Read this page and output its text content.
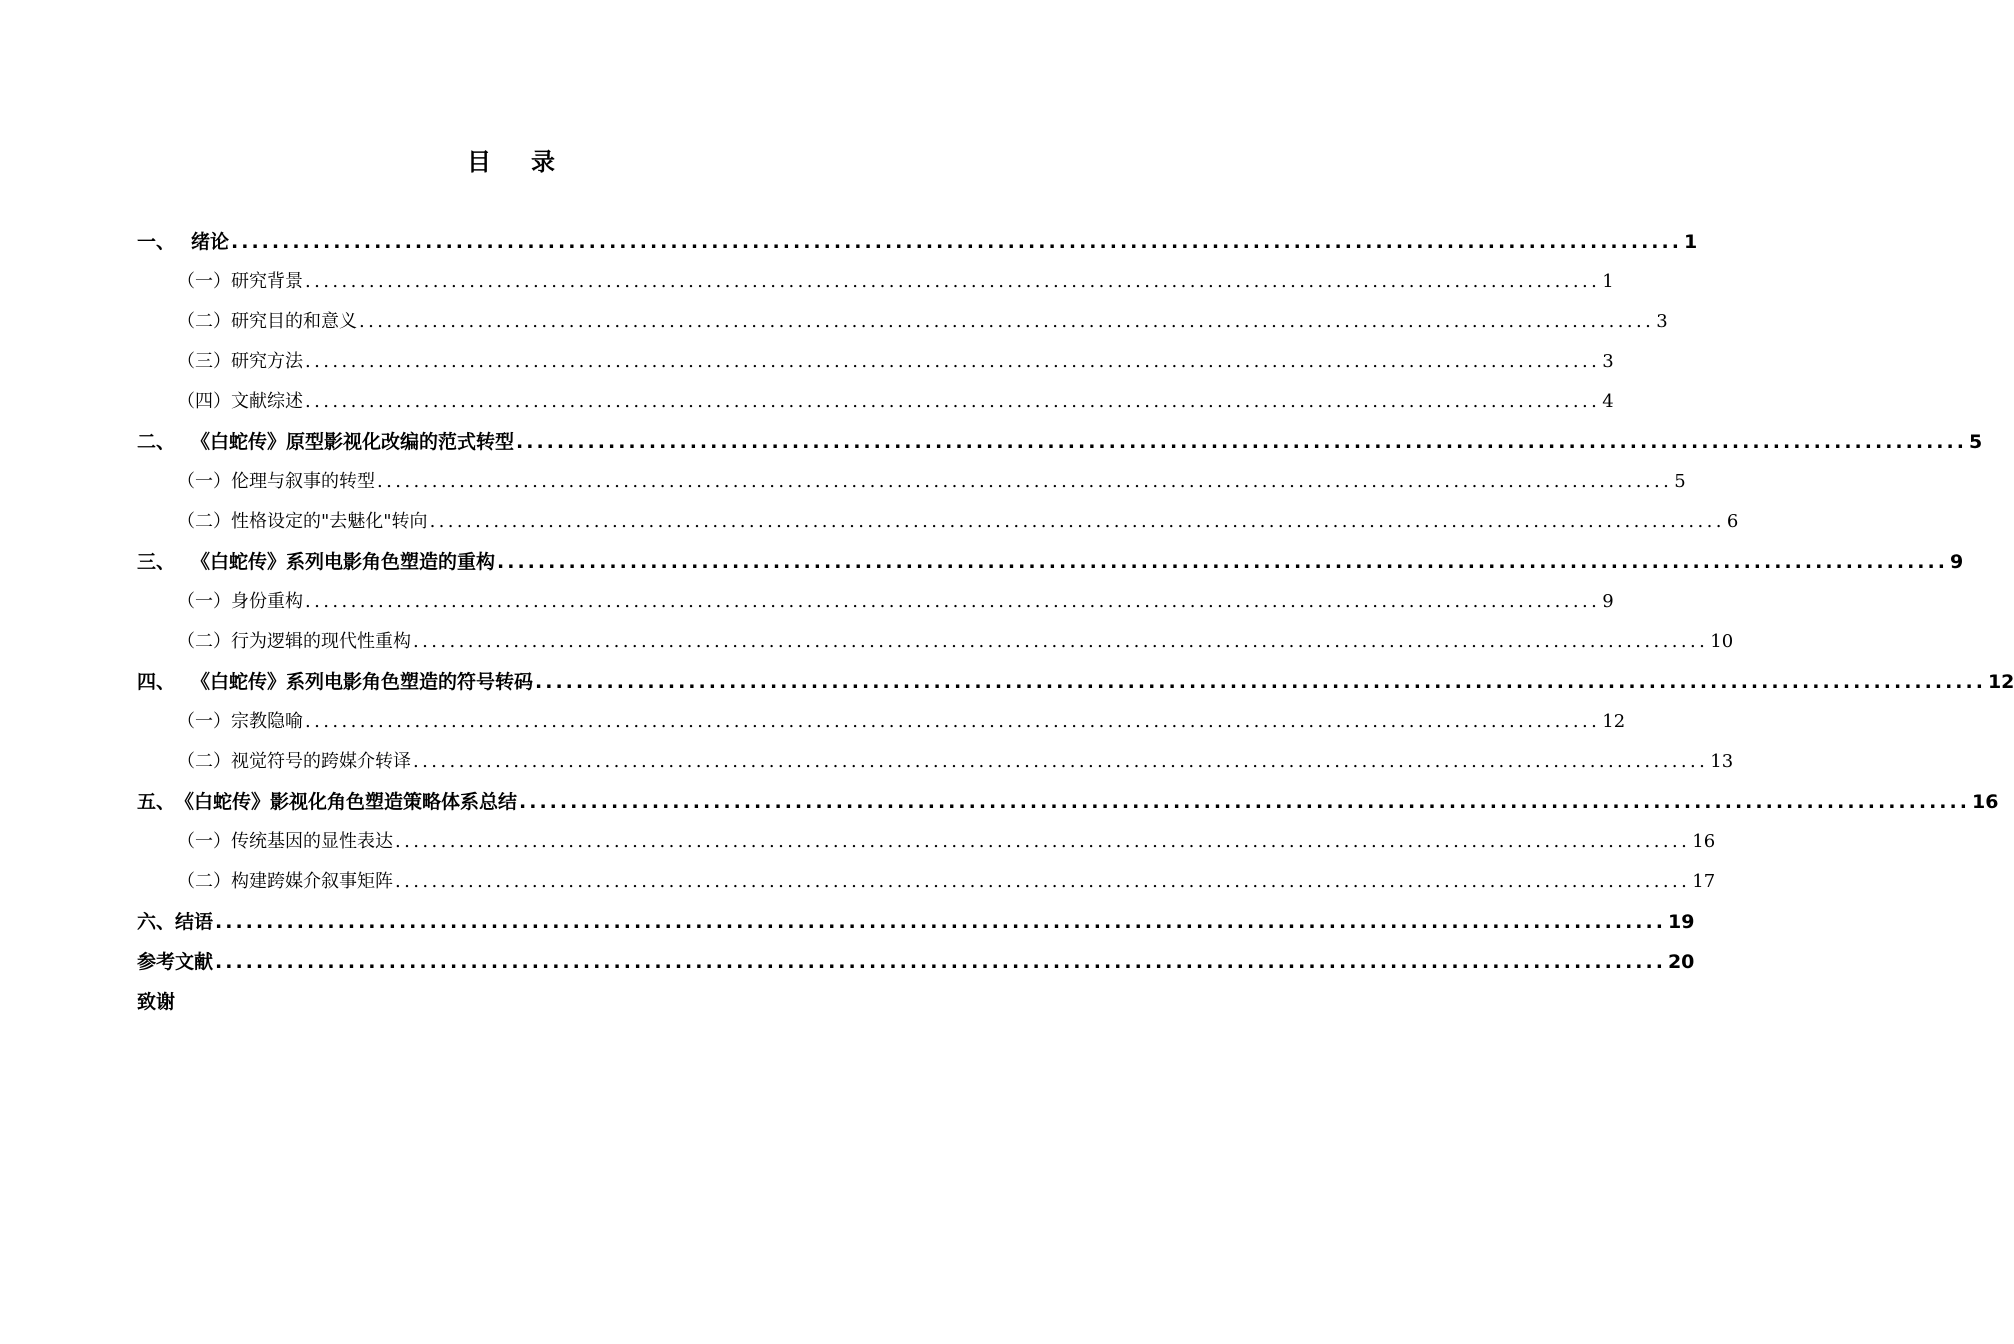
目 录
一、 绪论 .............................................................................................................................................. 1
（一） 研究背景 .............................................................................................................................................. 1
（二） 研究目的和意义 .............................................................................................................................................. 3
（三） 研究方法 .............................................................................................................................................. 3
（四） 文献综述 .............................................................................................................................................. 4
二、 《白蛇传》原型影视化改编的范式转型 .............................................................................................................................................. 5
（一） 伦理与叙事的转型 .............................................................................................................................................. 5
（二） 性格设定的"去魅化"转向 .............................................................................................................................................. 6
三、 《白蛇传》系列电影角色塑造的重构 .............................................................................................................................................. 9
（一） 身份重构 .............................................................................................................................................. 9
（二） 行为逻辑的现代性重构 .............................................................................................................................................. 10
四、 《白蛇传》系列电影角色塑造的符号转码 .............................................................................................................................................. 12
（一） 宗教隐喻 .............................................................................................................................................. 12
（二） 视觉符号的跨媒介转译 .............................................................................................................................................. 13
五、 《白蛇传》影视化角色塑造策略体系总结 .............................................................................................................................................. 16
（一） 传统基因的显性表达 .............................................................................................................................................. 16
（二） 构建跨媒介叙事矩阵 .............................................................................................................................................. 17
六、 结语 .............................................................................................................................................. 19
参考文献 .............................................................................................................................................. 20
致谢
